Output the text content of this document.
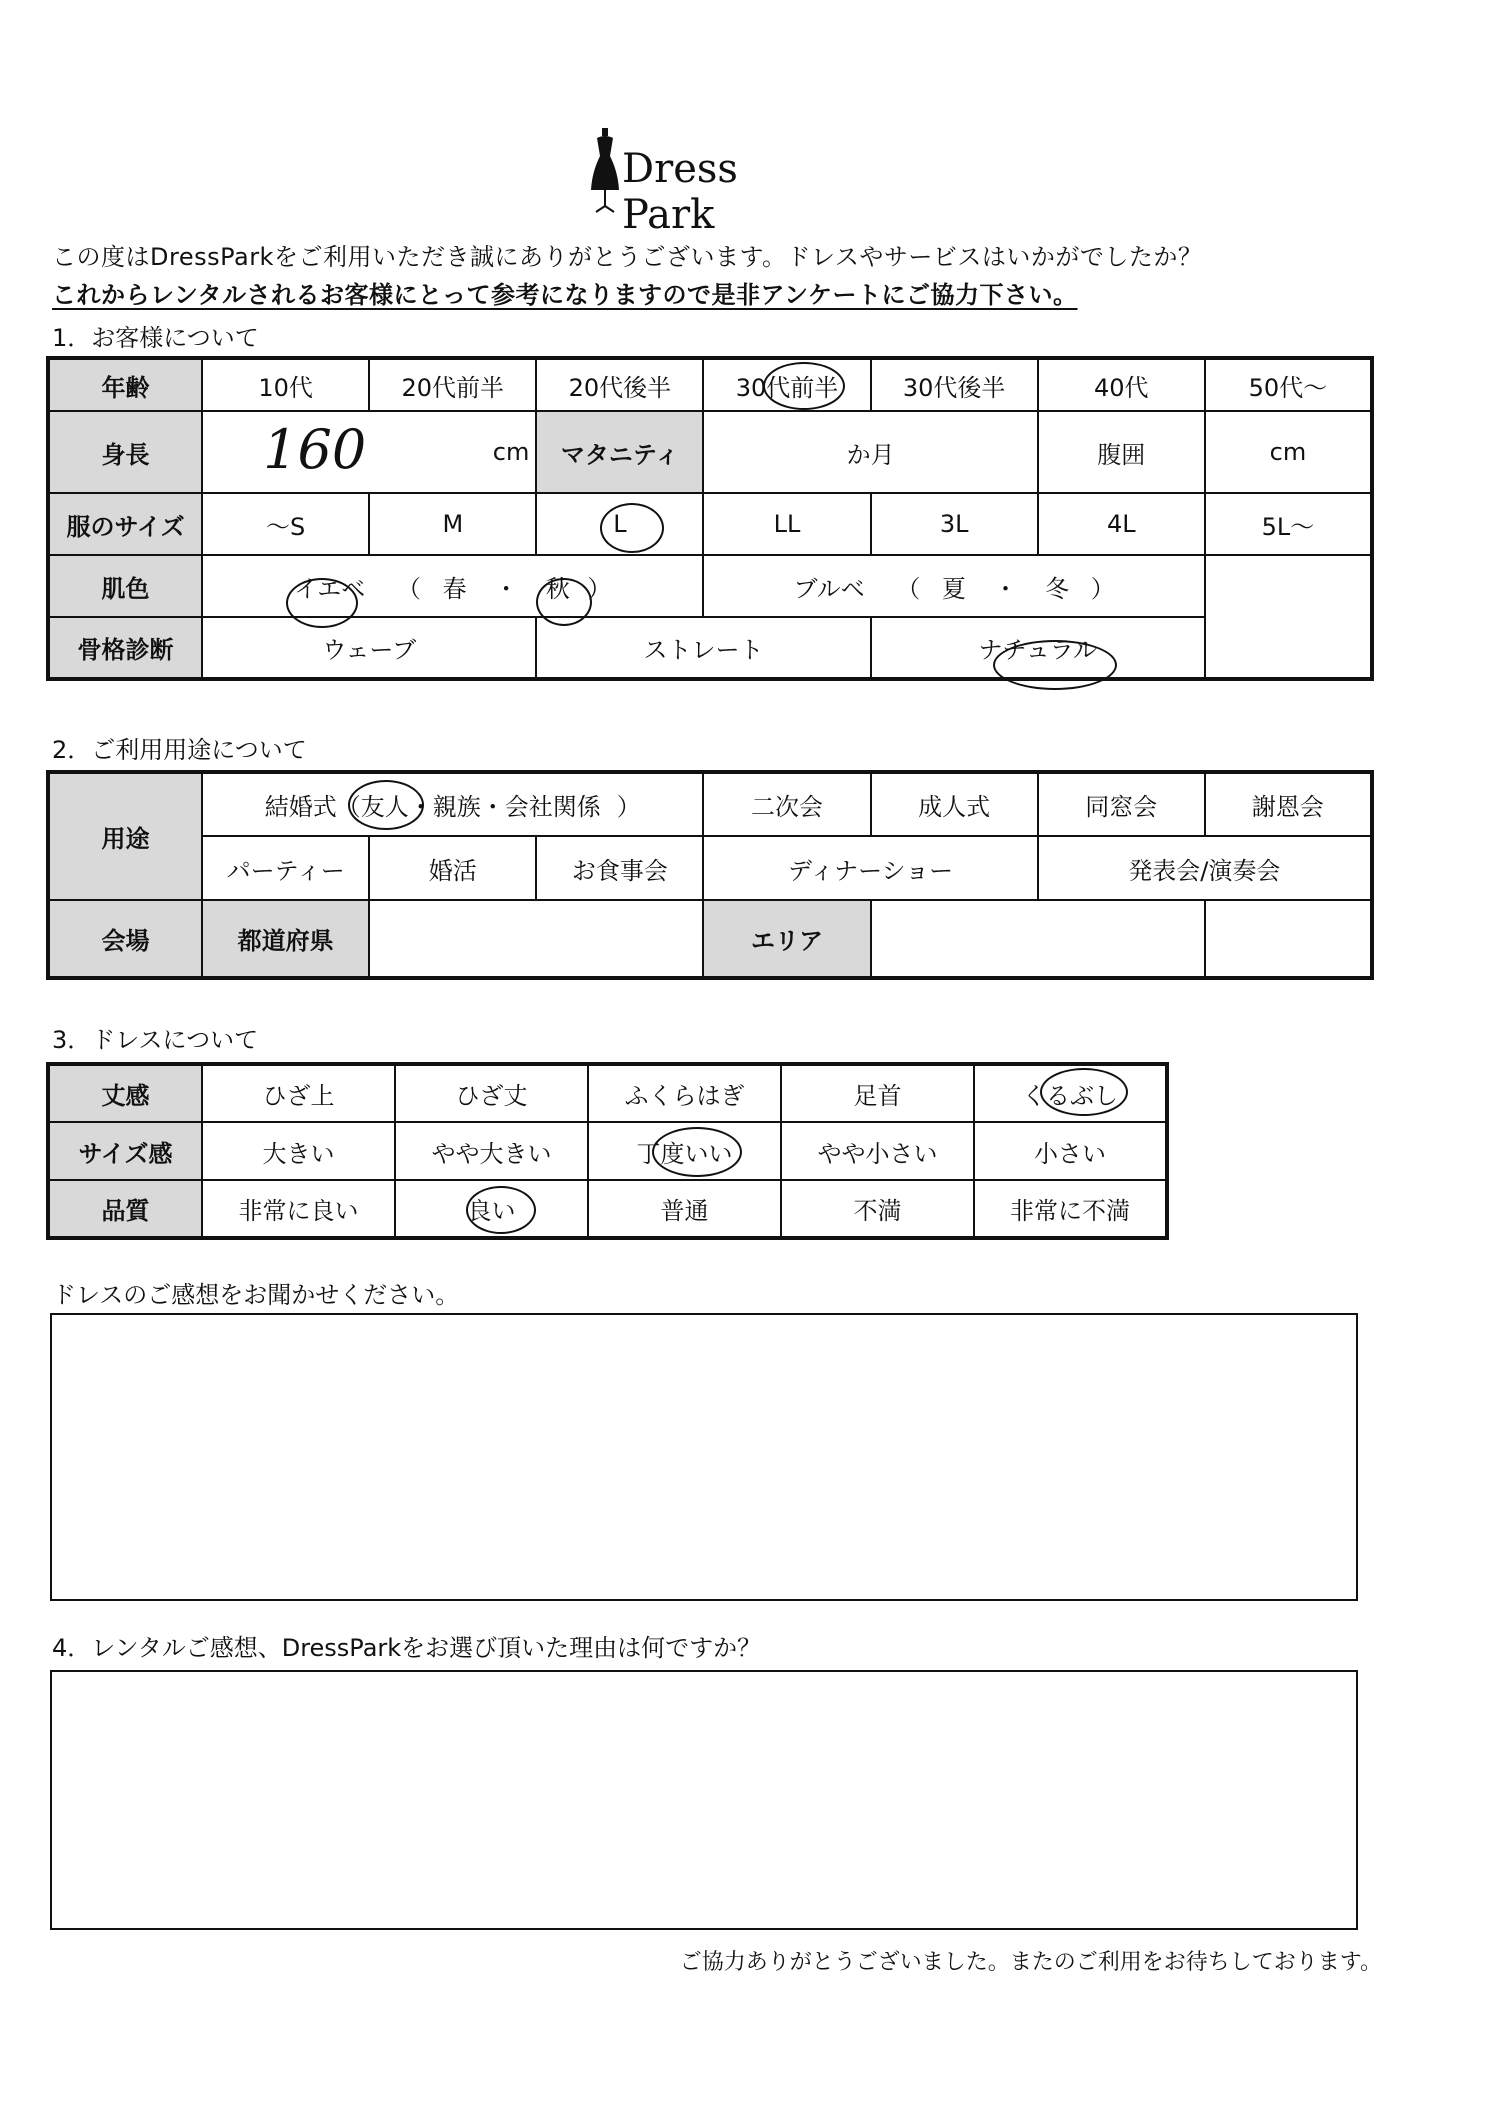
Dress Park
この度はDressParkをご利用いただき誠にありがとうございます。ドレスやサービスはいかがでしたか？
これからレンタルされるお客様にとって参考になりますので是非アンケートにご協力下さい。
1．お客様について
年齢	10代	20代前半	20代後半	30代前半	30代後半	40代	50代～
身長	160 cm		マタニティ	か月		腹囲	cm
服のサイズ	～S	M	L	LL	3L	4L	5L～
肌色	イエベ （ 春 ・ 秋 ）			ブルベ （ 夏 ・ 冬 ）			
骨格診断	ウェーブ		ストレート		ナチュラル		
2．ご利用用途について
用途	結婚式（友人・親族・会社関係 ）			二次会	成人式	同窓会	謝恩会
	パーティー	婚活	お食事会	ディナーショー		発表会/演奏会	
会場	都道府県			エリア			
3．ドレスについて
丈感	ひざ上	ひざ丈	ふくらはぎ	足首	くるぶし
サイズ感	大きい	やや大きい	丁度いい	やや小さい	小さい
品質	非常に良い	良い	普通	不満	非常に不満
ドレスのご感想をお聞かせください。
4．レンタルご感想、DressParkをお選び頂いた理由は何ですか？
ご協力ありがとうございました。またのご利用をお待ちしております。
